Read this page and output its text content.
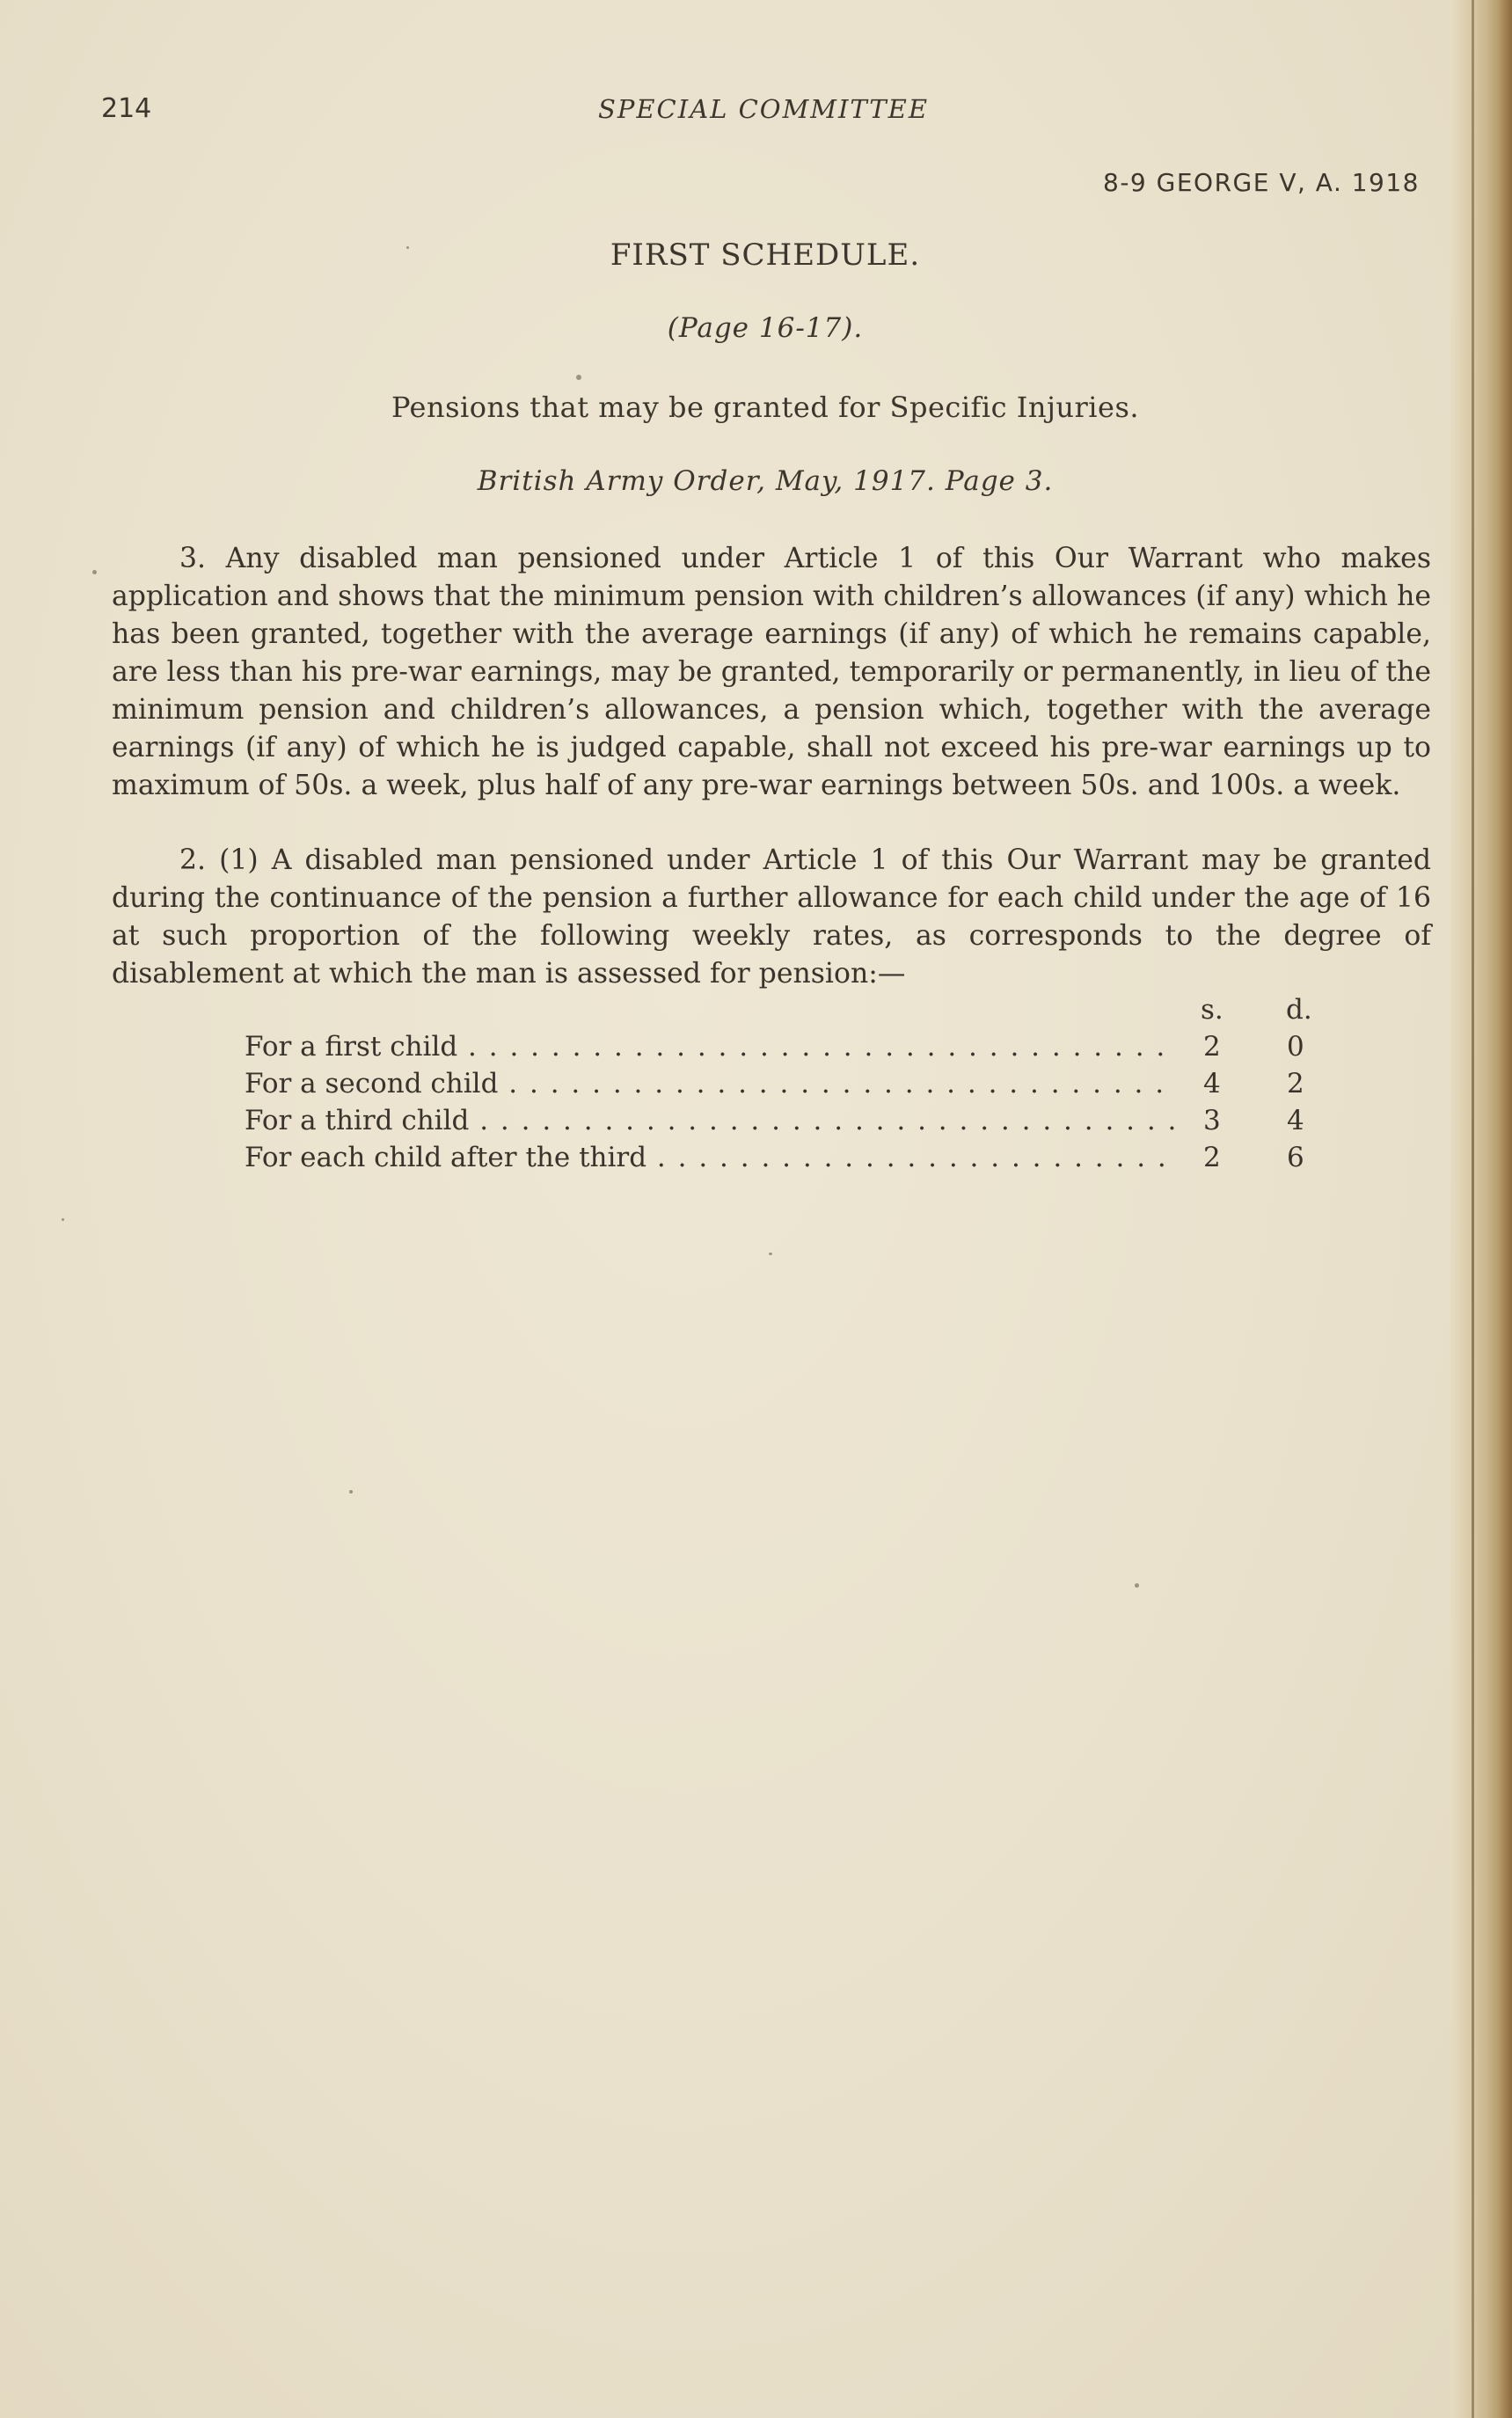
214	SPECIAL COMMITTEE
8-9 GEORGE V, A. 1918
FIRST SCHEDULE.
(Page 16-17).
Pensions that may be granted for Specific Injuries.
British Army Order, May, 1917. Page 3.

3. Any disabled man pensioned under Article 1 of this Our Warrant who makes application and shows that the minimum pension with children’s allowances (if any) which he has been granted, together with the average earnings (if any) of which he remains capable, are less than his pre-war earnings, may be granted, temporarily or permanently, in lieu of the minimum pension and children’s allowances, a pension which, together with the average earnings (if any) of which he is judged capable, shall not exceed his pre-war earnings up to maximum of 50s. a week, plus half of any pre-war earnings between 50s. and 100s. a week.

2. (1) A disabled man pensioned under Article 1 of this Our Warrant may be granted during the continuance of the pension a further allowance for each child under the age of 16 at such proportion of the following weekly rates, as corresponds to the degree of disablement at which the man is assessed for pension:—

s. d.
For a first child . . .	2 0
For a second child . . .	4 2
For a third child . . .	3 4
For each child after the third . . .	2 6
